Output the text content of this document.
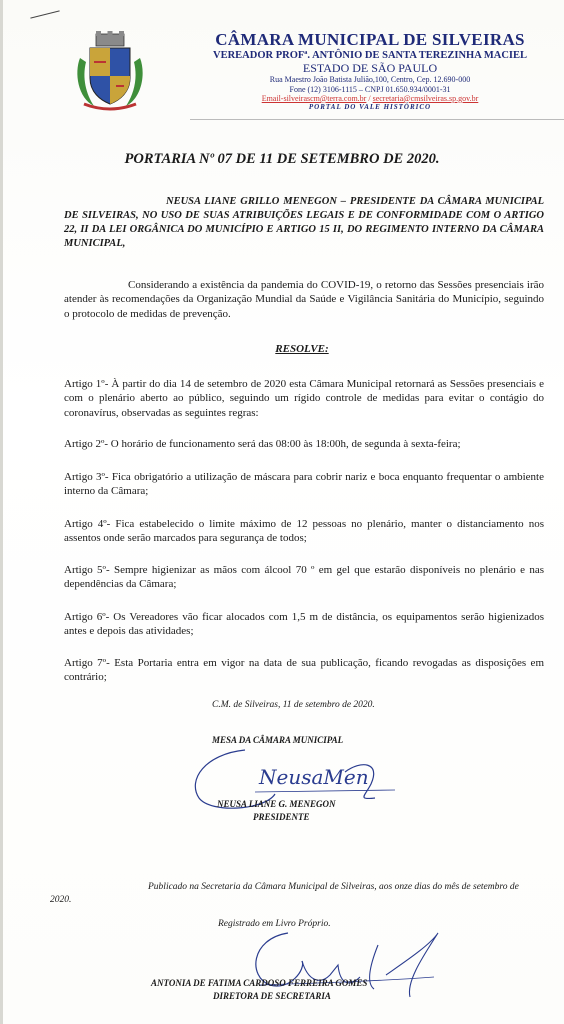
CÂMARA MUNICIPAL DE SILVEIRAS
VEREADOR PROFª. ANTÔNIO DE SANTA TEREZINHA MACIEL
ESTADO DE SÃO PAULO
Rua Maestro João Batista Julião,100, Centro, Cep. 12.690-000
Fone (12) 3106-1115 – CNPJ 01.650.934/0001-31
Email-silveirascm@terra.com.br / secretaria@cmsilveiras.sp.gov.br
PORTAL DO VALE HISTÓRICO
PORTARIA Nº 07 DE 11 DE SETEMBRO DE 2020.
NEUSA LIANE GRILLO MENEGON – PRESIDENTE DA CÂMARA MUNICIPAL DE SILVEIRAS, NO USO DE SUAS ATRIBUIÇÕES LEGAIS E DE CONFORMIDADE COM O ARTIGO 22, II DA LEI ORGÂNICA DO MUNICÍPIO E ARTIGO 15 II, DO REGIMENTO INTERNO DA CÂMARA MUNICIPAL,
Considerando a existência da pandemia do COVID-19, o retorno das Sessões presenciais irão atender às recomendações da Organização Mundial da Saúde e Vigilância Sanitária do Município, seguindo o protocolo de medidas de prevenção.
RESOLVE:
Artigo 1º- À partir do dia 14 de setembro de 2020 esta Câmara Municipal retornará as Sessões presenciais e com o plenário aberto ao público, seguindo um rígido controle de medidas para evitar o contágio do coronavírus, observadas as seguintes regras:
Artigo 2º- O horário de funcionamento será das 08:00 às 18:00h, de segunda à sexta-feira;
Artigo 3º- Fica obrigatório a utilização de máscara para cobrir nariz e boca enquanto frequentar o ambiente interno da Câmara;
Artigo 4º- Fica estabelecido o limite máximo de 12 pessoas no plenário, manter o distanciamento nos assentos onde serão marcados para segurança de todos;
Artigo 5º- Sempre higienizar as mãos com álcool 70 º em gel que estarão disponíveis no plenário e nas dependências da Câmara;
Artigo 6º- Os Vereadores vão ficar alocados com 1,5 m de distância, os equipamentos serão higienizados antes e depois das atividades;
Artigo 7º- Esta Portaria entra em vigor na data de sua publicação, ficando revogadas as disposições em contrário;
C.M. de Silveiras, 11 de setembro de 2020.
MESA DA CÂMARA MUNICIPAL
NeusaMen
NEUSA LIANE G. MENEGON
PRESIDENTE
Publicado na Secretaria da Câmara Municipal de Silveiras, aos onze dias do mês de setembro de 2020.
Registrado em Livro Próprio.
ANTONIA DE FATIMA CARDOSO FERREIRA GOMES
DIRETORA DE SECRETARIA
